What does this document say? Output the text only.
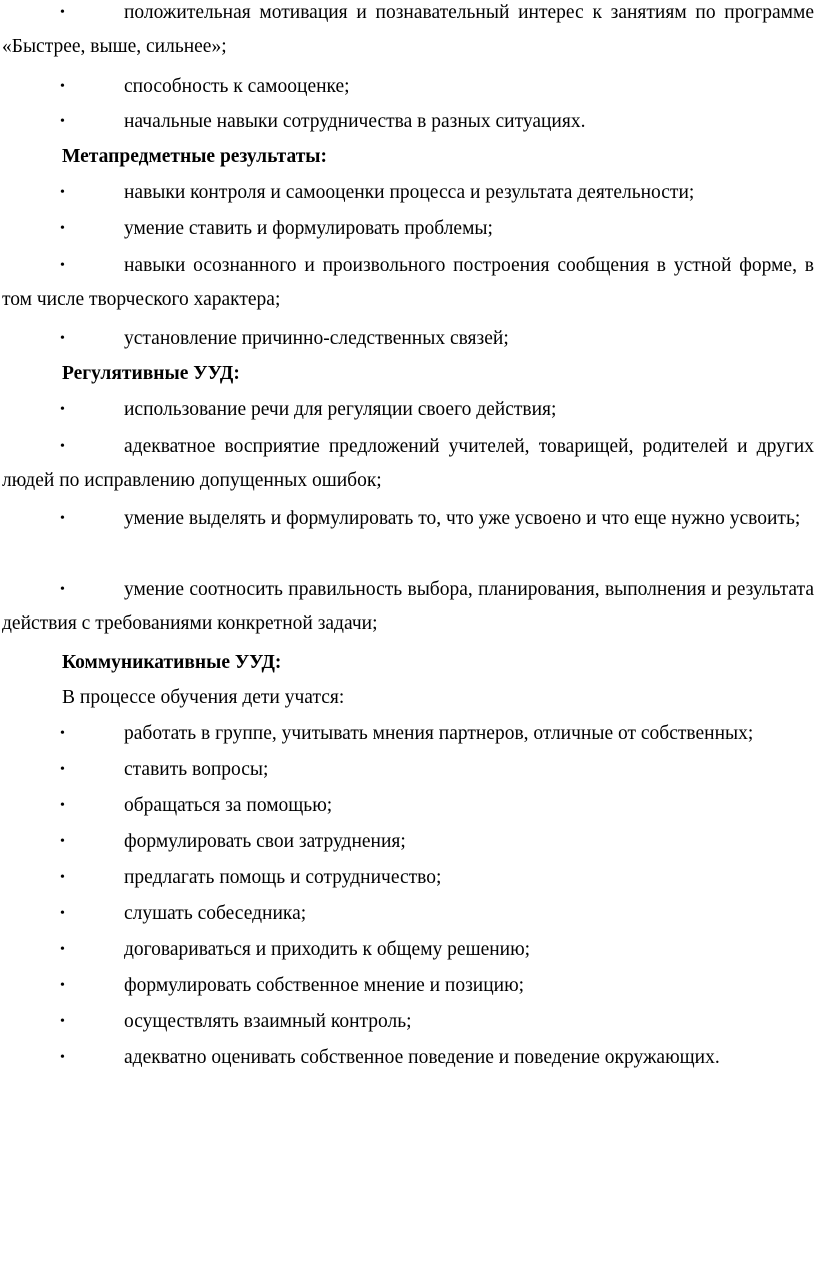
•	положительная мотивация и познавательный интерес к занятиям по программе «Быстрее, выше, сильнее»;
•	способность к самооценке;
•	начальные навыки сотрудничества в разных ситуациях.
Метапредметные результаты:
•	навыки контроля и самооценки процесса и результата деятельности;
•	умение ставить и формулировать проблемы;
•	навыки осознанного и произвольного построения сообщения в устной форме, в том числе творческого характера;
•	установление причинно-следственных связей;
Регулятивные УУД:
•	использование речи для регуляции своего действия;
•	адекватное восприятие предложений учителей, товарищей, родителей и других людей по исправлению допущенных ошибок;
•	умение выделять и формулировать то, что уже усвоено и что еще нужно усвоить;
•	умение соотносить правильность выбора, планирования, выполнения и результата действия с требованиями конкретной задачи;
Коммуникативные УУД:
В процессе обучения дети учатся:
•	работать в группе, учитывать мнения партнеров, отличные от собственных;
•	ставить вопросы;
•	обращаться за помощью;
•	формулировать свои затруднения;
•	предлагать помощь и сотрудничество;
•	слушать собеседника;
•	договариваться и приходить к общему решению;
•	формулировать собственное мнение и позицию;
•	осуществлять взаимный контроль;
•	адекватно оценивать собственное поведение и поведение окружающих.
